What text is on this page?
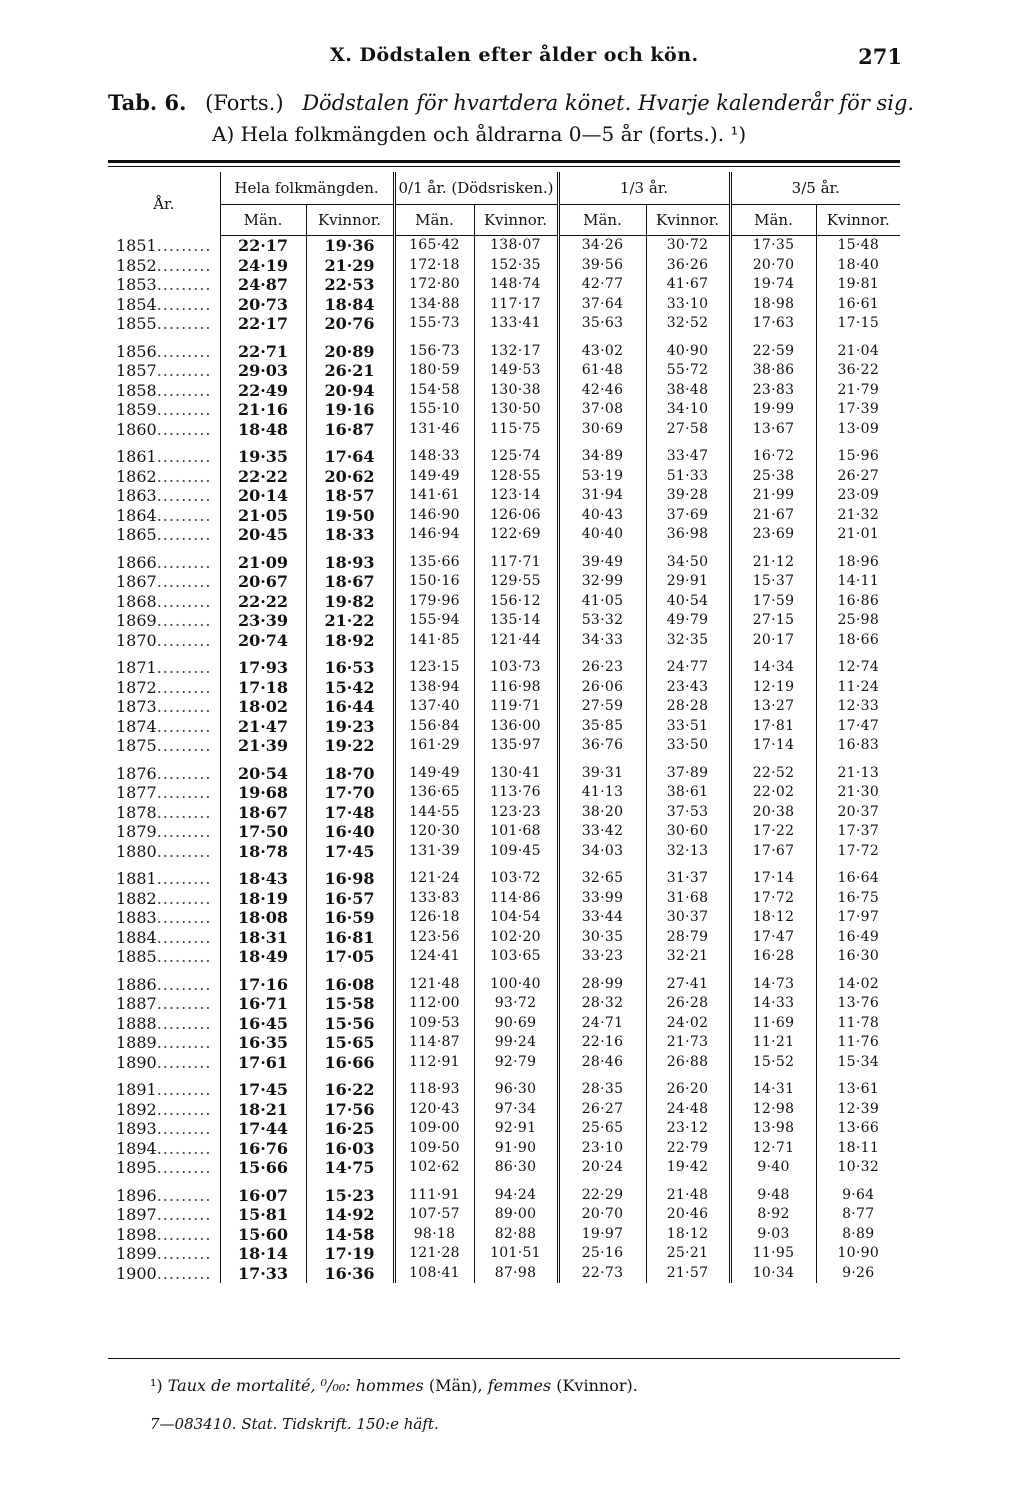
X. Dödstalen efter ålder och kön.	271
Tab. 6. (Forts.) Dödstalen för hvartdera könet. Hvarje kalenderår för sig.
A) Hela folkmängden och åldrarna 0—5 år (forts.). ¹)
År.	Hela folkmängden.		0/1 år. (Dödsrisken.)		1/3 år.		3/5 år.	
	Män.	Kvinnor.	Män.	Kvinnor.	Män.	Kvinnor.	Män.	Kvinnor.
1851.........	22·17	19·36	165·42	138·07	34·26	30·72	17·35	15·48
1852.........	24·19	21·29	172·18	152·35	39·56	36·26	20·70	18·40
1853.........	24·87	22·53	172·80	148·74	42·77	41·67	19·74	19·81
1854.........	20·73	18·84	134·88	117·17	37·64	33·10	18·98	16·61
1855.........	22·17	20·76	155·73	133·41	35·63	32·52	17·63	17·15

1856.........	22·71	20·89	156·73	132·17	43·02	40·90	22·59	21·04
1857.........	29·03	26·21	180·59	149·53	61·48	55·72	38·86	36·22
1858.........	22·49	20·94	154·58	130·38	42·46	38·48	23·83	21·79
1859.........	21·16	19·16	155·10	130·50	37·08	34·10	19·99	17·39
1860.........	18·48	16·87	131·46	115·75	30·69	27·58	13·67	13·09

1861.........	19·35	17·64	148·33	125·74	34·89	33·47	16·72	15·96
1862.........	22·22	20·62	149·49	128·55	53·19	51·33	25·38	26·27
1863.........	20·14	18·57	141·61	123·14	31·94	39·28	21·99	23·09
1864.........	21·05	19·50	146·90	126·06	40·43	37·69	21·67	21·32
1865.........	20·45	18·33	146·94	122·69	40·40	36·98	23·69	21·01

1866.........	21·09	18·93	135·66	117·71	39·49	34·50	21·12	18·96
1867.........	20·67	18·67	150·16	129·55	32·99	29·91	15·37	14·11
1868.........	22·22	19·82	179·96	156·12	41·05	40·54	17·59	16·86
1869.........	23·39	21·22	155·94	135·14	53·32	49·79	27·15	25·98
1870.........	20·74	18·92	141·85	121·44	34·33	32·35	20·17	18·66

1871.........	17·93	16·53	123·15	103·73	26·23	24·77	14·34	12·74
1872.........	17·18	15·42	138·94	116·98	26·06	23·43	12·19	11·24
1873.........	18·02	16·44	137·40	119·71	27·59	28·28	13·27	12·33
1874.........	21·47	19·23	156·84	136·00	35·85	33·51	17·81	17·47
1875.........	21·39	19·22	161·29	135·97	36·76	33·50	17·14	16·83

1876.........	20·54	18·70	149·49	130·41	39·31	37·89	22·52	21·13
1877.........	19·68	17·70	136·65	113·76	41·13	38·61	22·02	21·30
1878.........	18·67	17·48	144·55	123·23	38·20	37·53	20·38	20·37
1879.........	17·50	16·40	120·30	101·68	33·42	30·60	17·22	17·37
1880.........	18·78	17·45	131·39	109·45	34·03	32·13	17·67	17·72

1881.........	18·43	16·98	121·24	103·72	32·65	31·37	17·14	16·64
1882.........	18·19	16·57	133·83	114·86	33·99	31·68	17·72	16·75
1883.........	18·08	16·59	126·18	104·54	33·44	30·37	18·12	17·97
1884.........	18·31	16·81	123·56	102·20	30·35	28·79	17·47	16·49
1885.........	18·49	17·05	124·41	103·65	33·23	32·21	16·28	16·30

1886.........	17·16	16·08	121·48	100·40	28·99	27·41	14·73	14·02
1887.........	16·71	15·58	112·00	93·72	28·32	26·28	14·33	13·76
1888.........	16·45	15·56	109·53	90·69	24·71	24·02	11·69	11·78
1889.........	16·35	15·65	114·87	99·24	22·16	21·73	11·21	11·76
1890.........	17·61	16·66	112·91	92·79	28·46	26·88	15·52	15·34

1891.........	17·45	16·22	118·93	96·30	28·35	26·20	14·31	13·61
1892.........	18·21	17·56	120·43	97·34	26·27	24·48	12·98	12·39
1893.........	17·44	16·25	109·00	92·91	25·65	23·12	13·98	13·66
1894.........	16·76	16·03	109·50	91·90	23·10	22·79	12·71	18·11
1895.........	15·66	14·75	102·62	86·30	20·24	19·42	9·40	10·32

1896.........	16·07	15·23	111·91	94·24	22·29	21·48	9·48	9·64
1897.........	15·81	14·92	107·57	89·00	20·70	20·46	8·92	8·77
1898.........	15·60	14·58	98·18	82·88	19·97	18·12	9·03	8·89
1899.........	18·14	17·19	121·28	101·51	25·16	25·21	11·95	10·90
1900.........	17·33	16·36	108·41	87·98	22·73	21·57	10·34	9·26
¹) Taux de mortalité, ⁰/₀₀: hommes (Män), femmes (Kvinnor).
7—083410. Stat. Tidskrift. 150:e häft.
